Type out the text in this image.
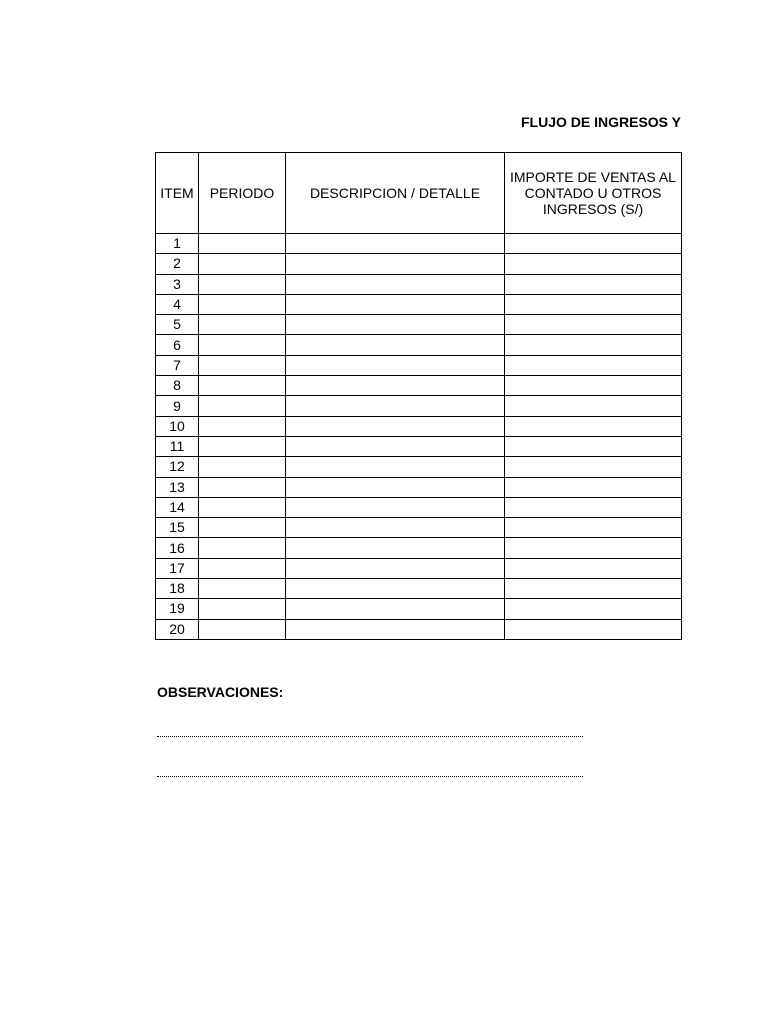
FLUJO DE INGRESOS Y
ITEM	PERIODO	DESCRIPCION / DETALLE	IMPORTE DE VENTAS AL CONTADO U OTROS INGRESOS (S/)
1			
2			
3			
4			
5			
6			
7			
8			
9			
10			
11			
12			
13			
14			
15			
16			
17			
18			
19			
20			
OBSERVACIONES:
